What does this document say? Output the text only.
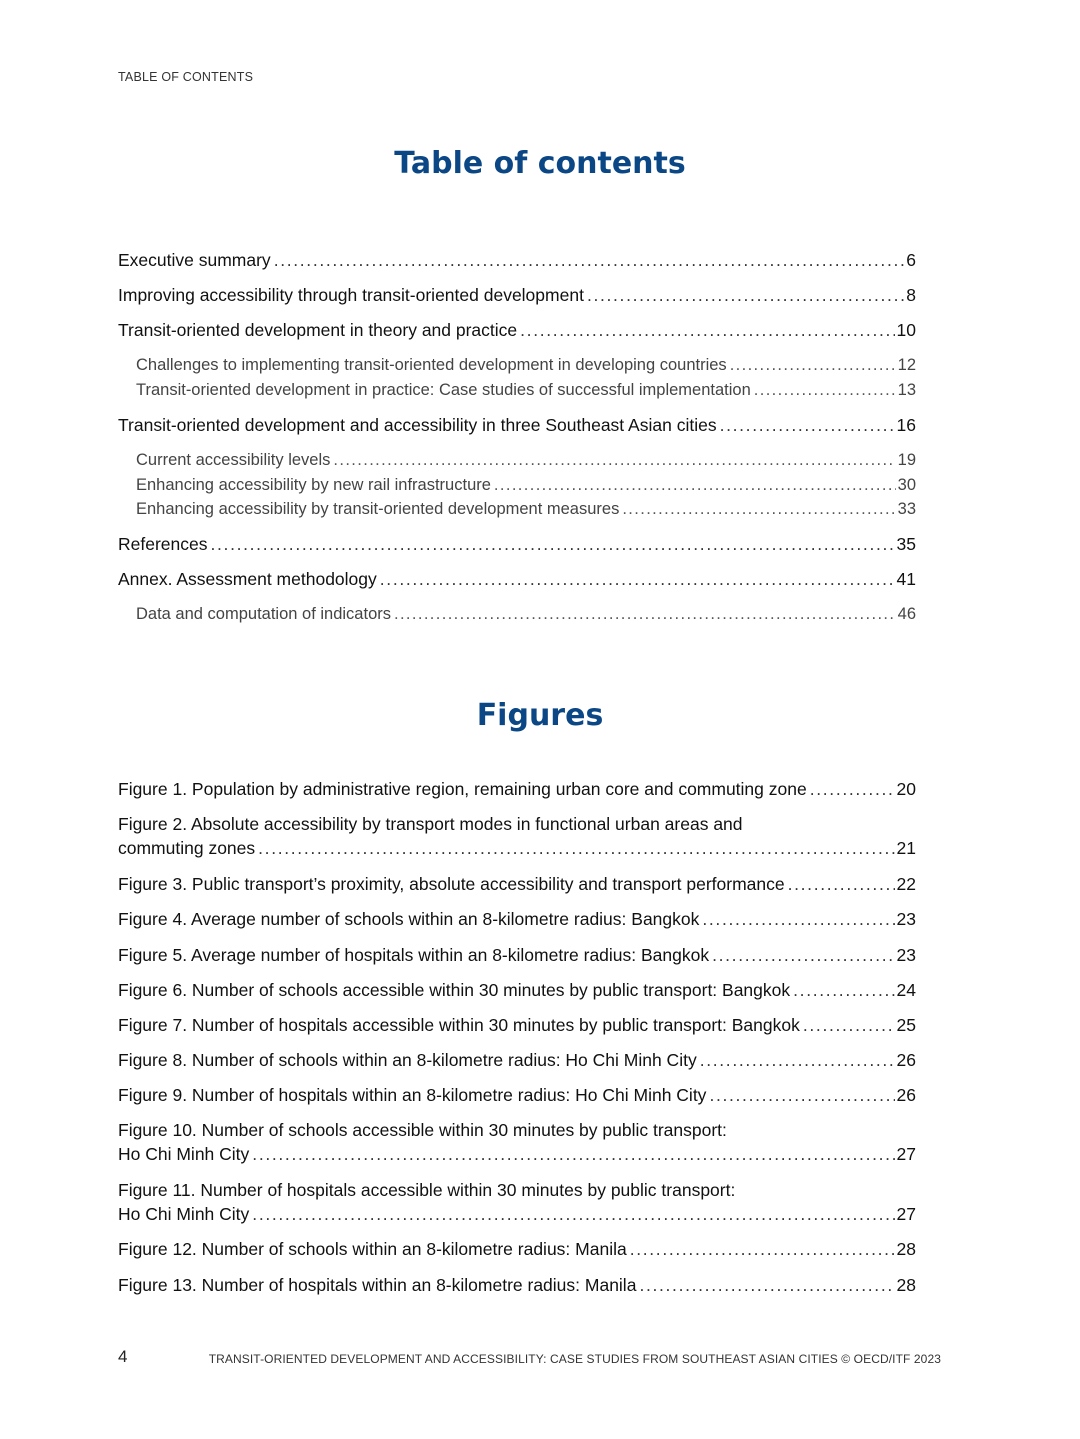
TABLE OF CONTENTS
Table of contents
Executive summary . . .	6
Improving accessibility through transit-oriented development . . .	8
Transit-oriented development in theory and practice . . .	10
Challenges to implementing transit-oriented development in developing countries . . .	12
Transit-oriented development in practice: Case studies of successful implementation . . .	13
Transit-oriented development and accessibility in three Southeast Asian cities . . .	16
Current accessibility levels . . .	19
Enhancing accessibility by new rail infrastructure . . .	30
Enhancing accessibility by transit-oriented development measures . . .	33
References . . .	35
Annex. Assessment methodology . . .	41
Data and computation of indicators . . .	46
Figures
Figure 1. Population by administrative region, remaining urban core and commuting zone . . .	20
Figure 2. Absolute accessibility by transport modes in functional urban areas and
commuting zones . . .	21
Figure 3. Public transport’s proximity, absolute accessibility and transport performance . . .	22
Figure 4. Average number of schools within an 8-kilometre radius: Bangkok . . .	23
Figure 5. Average number of hospitals within an 8-kilometre radius: Bangkok . . .	23
Figure 6. Number of schools accessible within 30 minutes by public transport: Bangkok . . .	24
Figure 7. Number of hospitals accessible within 30 minutes by public transport: Bangkok . . .	25
Figure 8. Number of schools within an 8-kilometre radius: Ho Chi Minh City . . .	26
Figure 9. Number of hospitals within an 8-kilometre radius: Ho Chi Minh City . . .	26
Figure 10. Number of schools accessible within 30 minutes by public transport:
Ho Chi Minh City . . .	27
Figure 11. Number of hospitals accessible within 30 minutes by public transport:
Ho Chi Minh City . . .	27
Figure 12. Number of schools within an 8-kilometre radius: Manila . . .	28
Figure 13. Number of hospitals within an 8-kilometre radius: Manila . . .	28
4	TRANSIT-ORIENTED DEVELOPMENT AND ACCESSIBILITY: CASE STUDIES FROM SOUTHEAST ASIAN CITIES © OECD/ITF 2023
